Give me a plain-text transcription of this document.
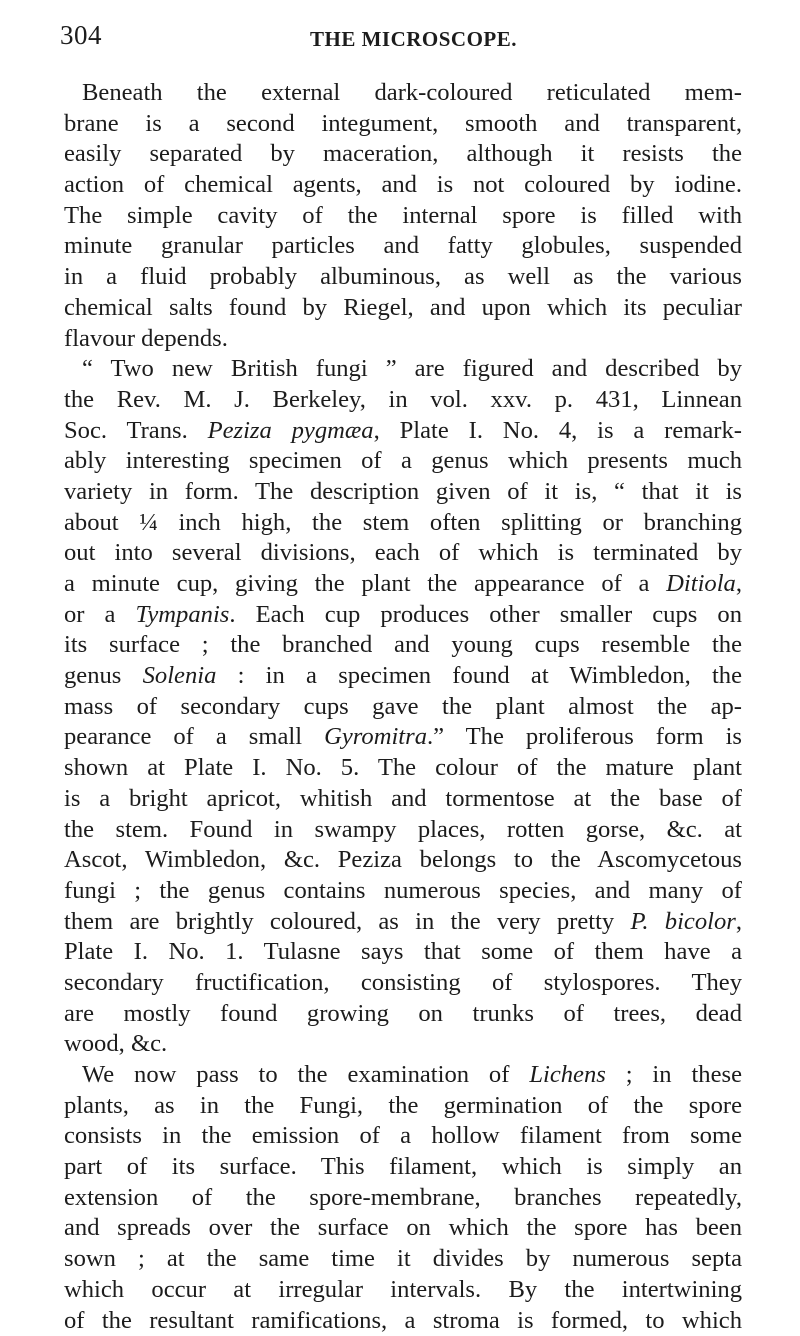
304	THE MICROSCOPE.
Beneath the external dark-coloured reticulated mem-
brane is a second integument, smooth and transparent,
easily separated by maceration, although it resists the
action of chemical agents, and is not coloured by iodine.
The simple cavity of the internal spore is filled with
minute granular particles and fatty globules, suspended
in a fluid probably albuminous, as well as the various
chemical salts found by Riegel, and upon which its peculiar
flavour depends.
“ Two new British fungi ” are figured and described by
the Rev. M. J. Berkeley, in vol. xxv. p. 431, Linnean
Soc. Trans. Peziza pygmæa, Plate I. No. 4, is a remark-
ably interesting specimen of a genus which presents much
variety in form. The description given of it is, “ that it is
about ¼ inch high, the stem often splitting or branching
out into several divisions, each of which is terminated by
a minute cup, giving the plant the appearance of a Ditiola,
or a Tympanis. Each cup produces other smaller cups on
its surface ; the branched and young cups resemble the
genus Solenia : in a specimen found at Wimbledon, the
mass of secondary cups gave the plant almost the ap-
pearance of a small Gyromitra.” The proliferous form is
shown at Plate I. No. 5. The colour of the mature plant
is a bright apricot, whitish and tormentose at the base of
the stem. Found in swampy places, rotten gorse, &c. at
Ascot, Wimbledon, &c. Peziza belongs to the Ascomycetous
fungi ; the genus contains numerous species, and many of
them are brightly coloured, as in the very pretty P. bicolor,
Plate I. No. 1. Tulasne says that some of them have a
secondary fructification, consisting of stylospores. They
are mostly found growing on trunks of trees, dead
wood, &c.
We now pass to the examination of Lichens ; in these
plants, as in the Fungi, the germination of the spore
consists in the emission of a hollow filament from some
part of its surface. This filament, which is simply an
extension of the spore-membrane, branches repeatedly,
and spreads over the surface on which the spore has been
sown ; at the same time it divides by numerous septa
which occur at irregular intervals. By the intertwining
of the resultant ramifications, a stroma is formed, to which
